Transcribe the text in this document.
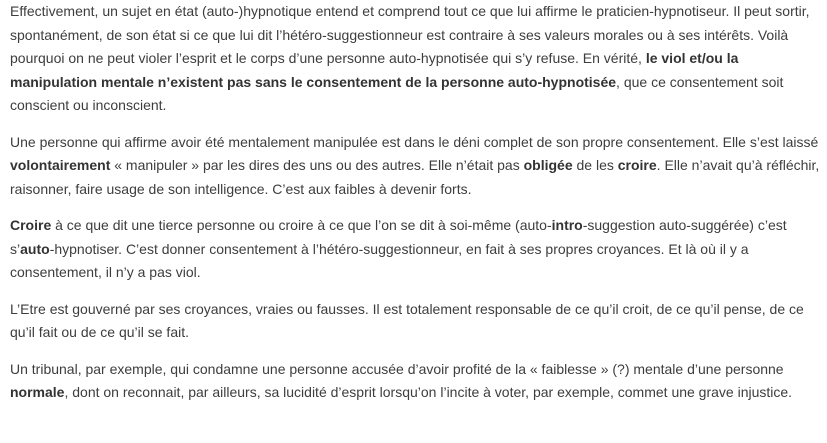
Effectivement, un sujet en état (auto-)hypnotique entend et comprend tout ce que lui affirme le praticien-hypnotiseur. Il peut sortir, spontanément, de son état si ce que lui dit l’hétéro-suggestionneur est contraire à ses valeurs morales ou à ses intérêts. Voilà pourquoi on ne peut violer l’esprit et le corps d’une personne auto-hypnotisée qui s’y refuse. En vérité, le viol et/ou la manipulation mentale n’existent pas sans le consentement de la personne auto-hypnotisée, que ce consentement soit conscient ou inconscient.

Une personne qui affirme avoir été mentalement manipulée est dans le déni complet de son propre consentement. Elle s’est laissé volontairement « manipuler » par les dires des uns ou des autres. Elle n’était pas obligée de les croire. Elle n’avait qu’à réfléchir, raisonner, faire usage de son intelligence. C’est aux faibles à devenir forts.

Croire à ce que dit une tierce personne ou croire à ce que l’on se dit à soi-même (auto-intro-suggestion auto-suggérée) c’est s’auto-hypnotiser. C’est donner consentement à l’hétéro-suggestionneur, en fait à ses propres croyances. Et là où il y a consentement, il n’y a pas viol.

L’Etre est gouverné par ses croyances, vraies ou fausses. Il est totalement responsable de ce qu’il croit, de ce qu’il pense, de ce qu’il fait ou de ce qu’il se fait.

Un tribunal, par exemple, qui condamne une personne accusée d’avoir profité de la « faiblesse » (?) mentale d’une personne normale, dont on reconnait, par ailleurs, sa lucidité d’esprit lorsqu’on l’incite à voter, par exemple, commet une grave injustice.
